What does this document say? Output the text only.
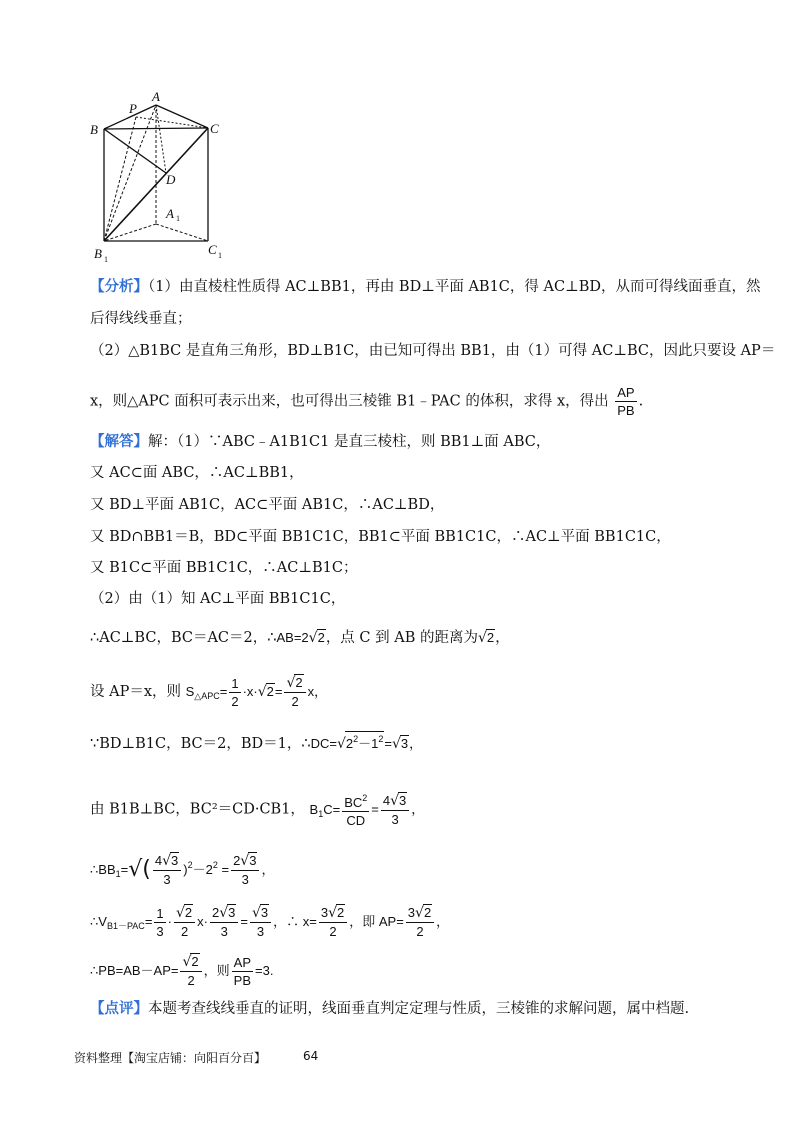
P
A
B	C
D
A 1
B 1
C 1
【分析】（1）由直棱柱性质得 AC⊥BB1，再由 BD⊥平面 AB1C，得 AC⊥BD，从而可得线面垂直，然
后得线线垂直；
（2）△B1BC 是直角三角形，BD⊥B1C，由已知可得出 BB1，由（1）可得 AC⊥BC，因此只要设 AP＝
x，则△APC 面积可表示出来，也可得出三棱锥 B1﹣PAC 的体积，求得 x，得出 $\frac{AP}{PB}$ .
【解答】解：（1）∵ABC﹣A1B1C1 是直三棱柱，则 BB1⊥面 ABC，
又 AC⊂面 ABC，∴AC⊥BB1，
又 BD⊥平面 AB1C，AC⊂平面 AB1C，∴AC⊥BD，
又 BD∩BB1＝B，BD⊂平面 BB1C1C，BB1⊂平面 BB1C1C，∴AC⊥平面 BB1C1C，
又 B1C⊂平面 BB1C1C，∴AC⊥B1C；
（2）由（1）知 AC⊥平面 BB1C1C，
∴AC⊥BC，BC＝AC＝2，∴AB=2√2，点 C 到 AB 的距离为√2，
设 AP＝x，则 $S_{\triangle APC}= \frac{1}{2} \cdot x\cdot√2= \frac{√2}{2}$ x，
∵BD⊥B1C，BC＝2，BD＝1，$\therefore DC=√2^2-1^2=√3$，
由 B1B⊥BC，BC²＝CD·CB1， $B_1C= \frac{BC^2}{CD} = \frac{4√3}{3}$ ，
$\therefore BB_1=√( \frac{4√3}{3} )^2-2^2 = \frac{2√3}{3}$ ，
$\therefore V_{B1-PAC}= \frac{1}{3} \cdot \frac{√2}{2} x\cdot \frac{2√3}{3} = \frac{√3}{3}$ ，∴ $x= \frac{3√2}{2}$ ，即 $AP= \frac{3√2}{2}$ ，
∴PB=AB－AP= $\frac{√2}{2}$ ，则 $\frac{AP}{PB} =3$.
【点评】本题考查线线垂直的证明，线面垂直判定定理与性质，三棱锥的求解问题，属中档题.
资料整理【淘宝店铺：向阳百分百】	64
